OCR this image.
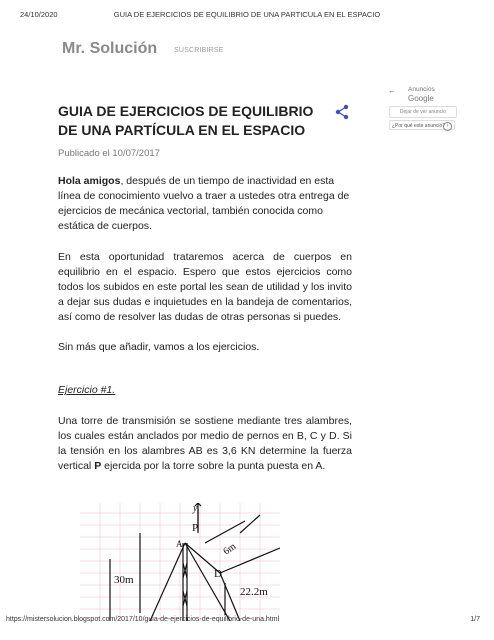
24/10/2020	GUIA DE EJERCICIOS DE EQUILIBRIO DE UNA PARTICULA EN EL ESPACIO
Mr. Solución SUSCRIBIRSE
← Anuncios
Google
Dejar de ver anuncio
¿Por qué este anuncio? i
GUIA DE EJERCICIOS DE EQUILIBRIO DE UNA PARTÍCULA EN EL ESPACIO
Publicado el 10/07/2017

Hola amigos, después de un tiempo de inactividad en esta línea de conocimiento vuelvo a traer a ustedes otra entrega de ejercicios de mecánica vectorial, también conocida como estática de cuerpos.

En esta oportunidad trataremos acerca de cuerpos en equilibrio en el espacio. Espero que estos ejercicios como todos los subidos en este portal les sean de utilidad y los invito a dejar sus dudas e inquietudes en la bandeja de comentarios, así como de resolver las dudas de otras personas si puedes.

Sin más que añadir, vamos a los ejercicios.

Ejercicio #1.

Una torre de transmisión se sostiene mediante tres alambres, los cuales están anclados por medio de pernos en B, C y D. Si la tensión en los alambres AB es 3,6 KN determine la fuerza vertical P ejercida por la torre sobre la punta puesta en A.

y
P
A
D
30m
6m
22.2m
https://mistersolucion.blogspot.com/2017/10/guia-de-ejercicios-de-equilibrio-de-una.html	1/7
